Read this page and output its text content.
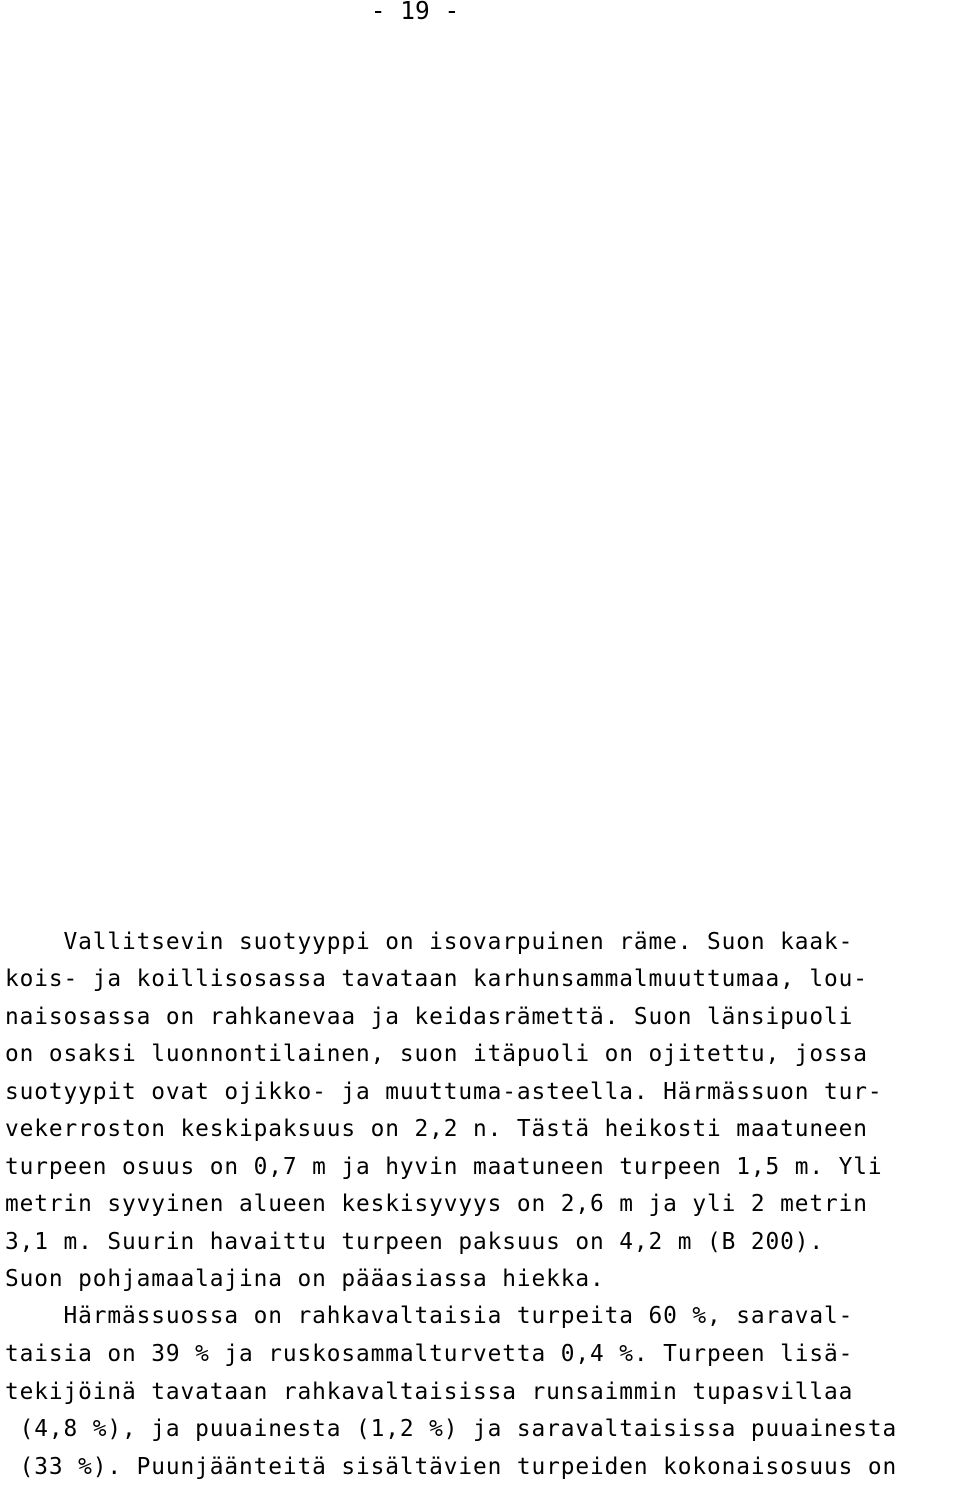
- 19 -
Vallitsevin suotyyppi on isovarpuinen räme. Suon kaak-
kois- ja koillisosassa tavataan karhunsammalmuuttumaa, lou-
naisosassa on rahkanevaa ja keidasrämettä. Suon länsipuoli
on osaksi luonnontilainen, suon itäpuoli on ojitettu, jossa
suotyypit ovat ojikko- ja muuttuma-asteella. Härmässuon tur-
vekerroston keskipaksuus on 2,2 n. Tästä heikosti maatuneen
turpeen osuus on 0,7 m ja hyvin maatuneen turpeen 1,5 m. Yli
metrin syvyinen alueen keskisyvyys on 2,6 m ja yli 2 metrin
3,1 m. Suurin havaittu turpeen paksuus on 4,2 m (B 200).
Suon pohjamaalajina on pääasiassa hiekka.
Härmässuossa on rahkavaltaisia turpeita 60 %, saraval-
taisia on 39 % ja ruskosammalturvetta 0,4 %. Turpeen lisä-
tekijöinä tavataan rahkavaltaisissa runsaimmin tupasvillaa
(4,8 %), ja puuainesta (1,2 %) ja saravaltaisissa puuainesta
(33 %). Puunjäänteitä sisältävien turpeiden kokonaisosuus on
